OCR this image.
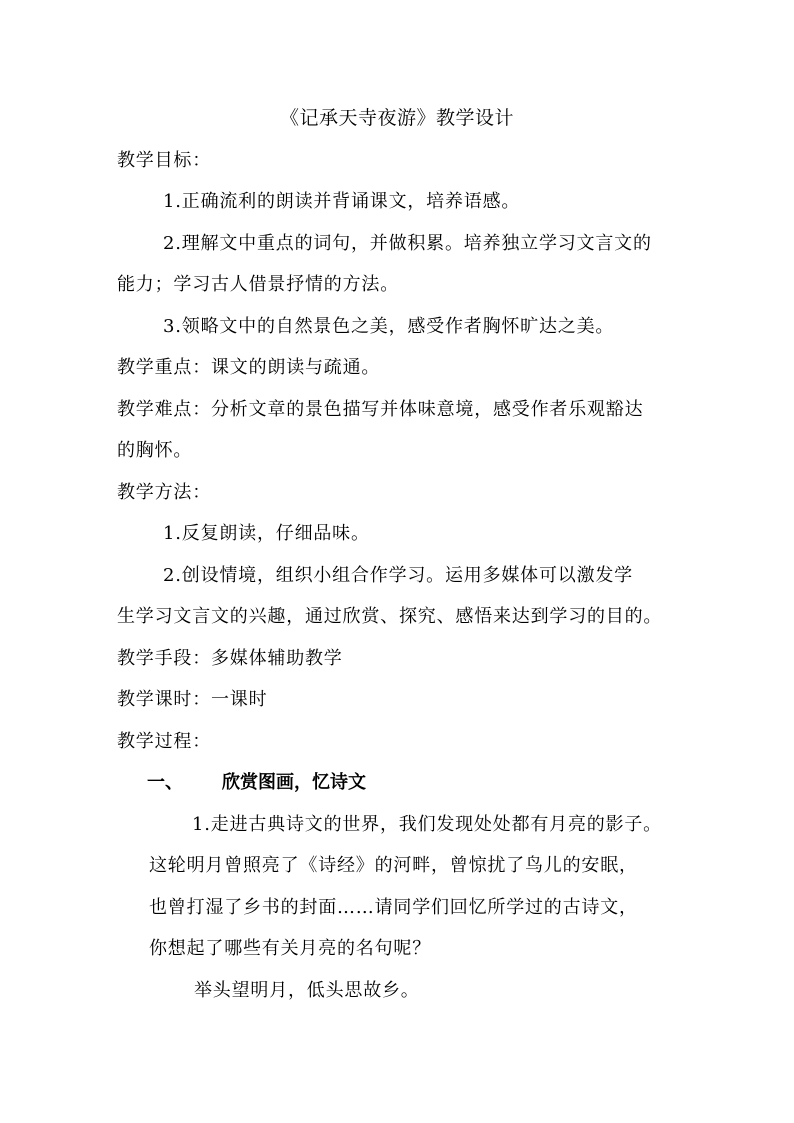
《记承天寺夜游》教学设计
教学目标：
1.正确流利的朗读并背诵课文，培养语感。
2.理解文中重点的词句，并做积累。培养独立学习文言文的
能力；学习古人借景抒情的方法。
3.领略文中的自然景色之美，感受作者胸怀旷达之美。
教学重点：课文的朗读与疏通。
教学难点：分析文章的景色描写并体味意境，感受作者乐观豁达
的胸怀。
教学方法：
1.反复朗读，仔细品味。
2.创设情境，组织小组合作学习。运用多媒体可以激发学
生学习文言文的兴趣，通过欣赏、探究、感悟来达到学习的目的。
教学手段：多媒体辅助教学
教学课时：一课时
教学过程：
一、 欣赏图画，忆诗文
1.走进古典诗文的世界，我们发现处处都有月亮的影子。
这轮明月曾照亮了《诗经》的河畔，曾惊扰了鸟儿的安眠，
也曾打湿了乡书的封面……请同学们回忆所学过的古诗文，
你想起了哪些有关月亮的名句呢？
举头望明月，低头思故乡。
